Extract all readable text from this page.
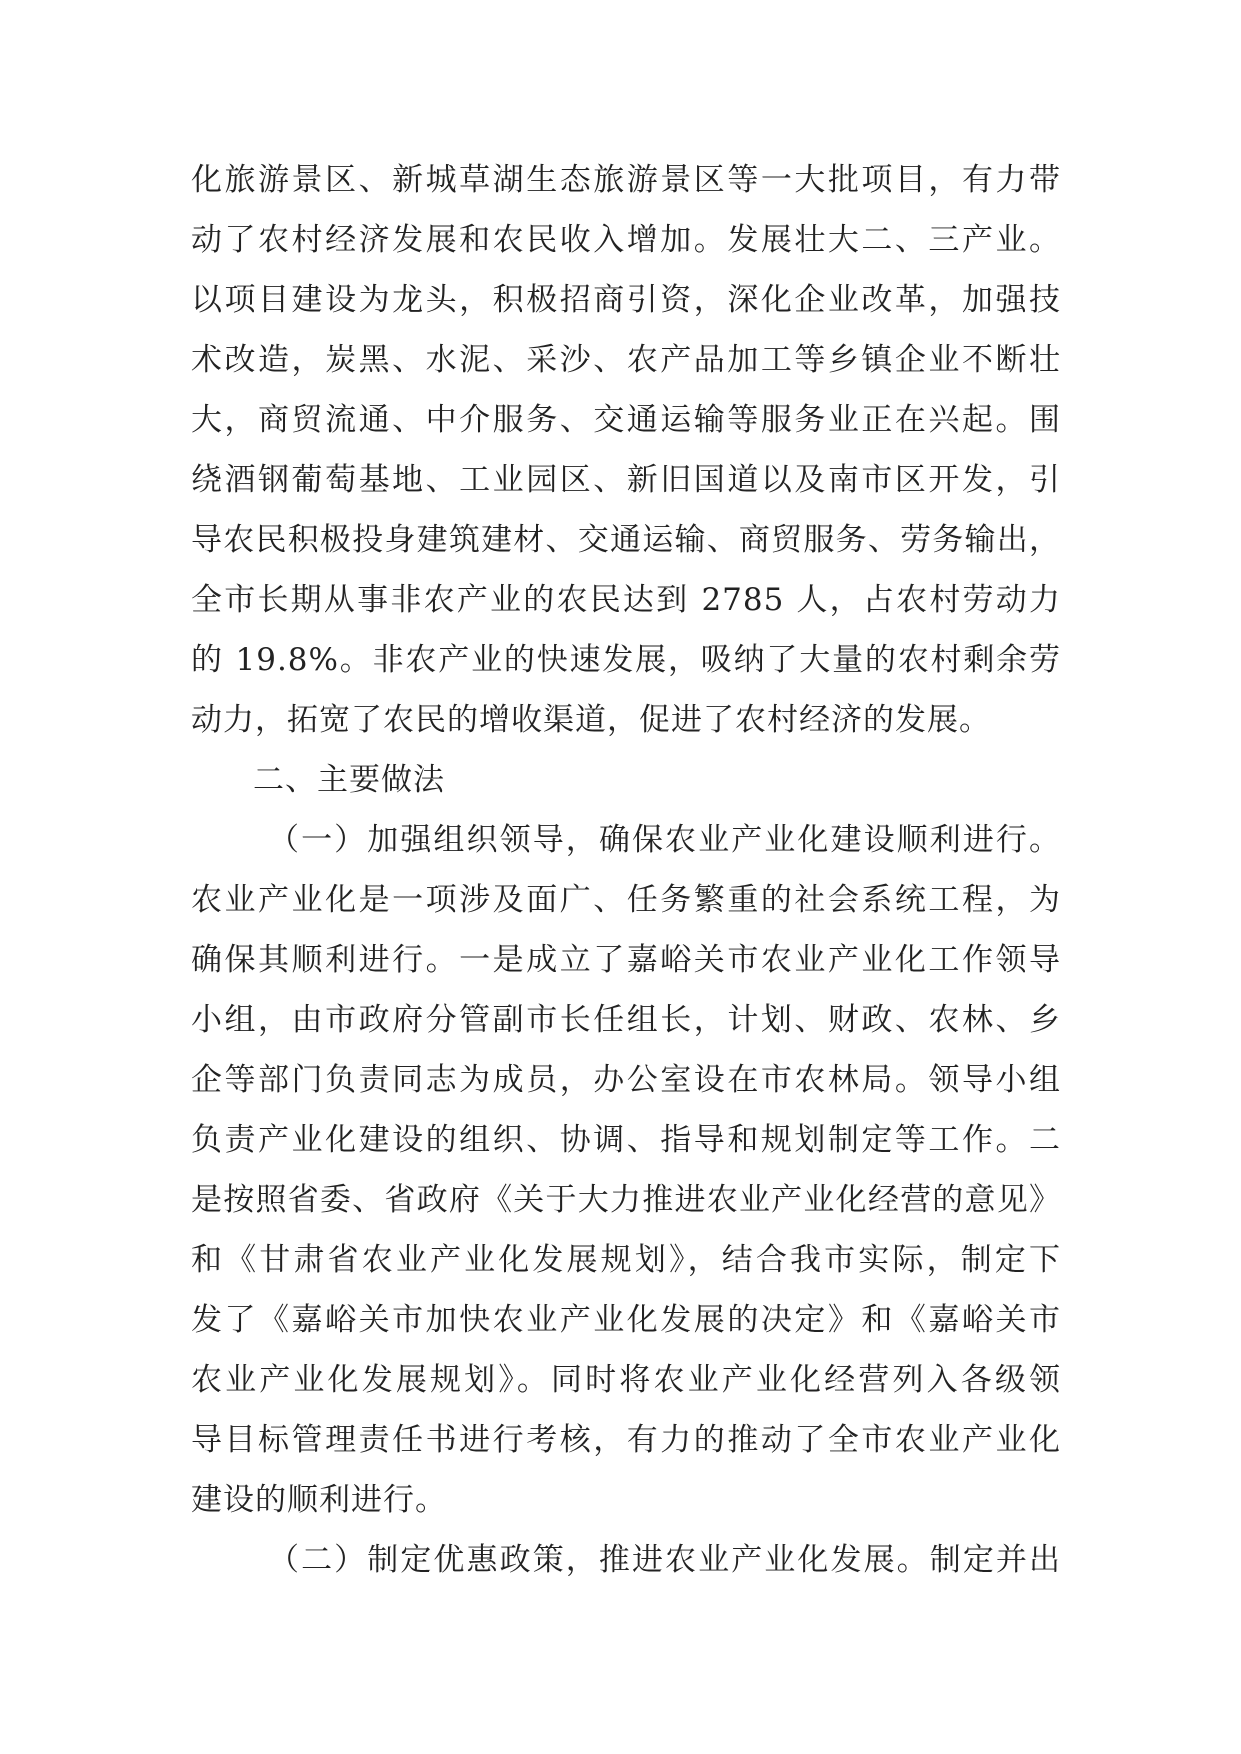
化旅游景区、新城草湖生态旅游景区等一大批项目，有力带
动了农村经济发展和农民收入增加。发展壮大二、三产业。
以项目建设为龙头，积极招商引资，深化企业改革，加强技
术改造，炭黑、水泥、采沙、农产品加工等乡镇企业不断壮
大，商贸流通、中介服务、交通运输等服务业正在兴起。围
绕酒钢葡萄基地、工业园区、新旧国道以及南市区开发，引
导农民积极投身建筑建材、交通运输、商贸服务、劳务输出，
全市长期从事非农产业的农民达到 2785 人，占农村劳动力
的 19.8%。非农产业的快速发展，吸纳了大量的农村剩余劳
动力，拓宽了农民的增收渠道，促进了农村经济的发展。
二、主要做法
（一）加强组织领导，确保农业产业化建设顺利进行。
农业产业化是一项涉及面广、任务繁重的社会系统工程，为
确保其顺利进行。一是成立了嘉峪关市农业产业化工作领导
小组，由市政府分管副市长任组长，计划、财政、农林、乡
企等部门负责同志为成员，办公室设在市农林局。领导小组
负责产业化建设的组织、协调、指导和规划制定等工作。二
是按照省委、省政府《关于大力推进农业产业化经营的意见》
和《甘肃省农业产业化发展规划》，结合我市实际，制定下
发了《嘉峪关市加快农业产业化发展的决定》和《嘉峪关市
农业产业化发展规划》。同时将农业产业化经营列入各级领
导目标管理责任书进行考核，有力的推动了全市农业产业化
建设的顺利进行。
（二）制定优惠政策，推进农业产业化发展。制定并出
